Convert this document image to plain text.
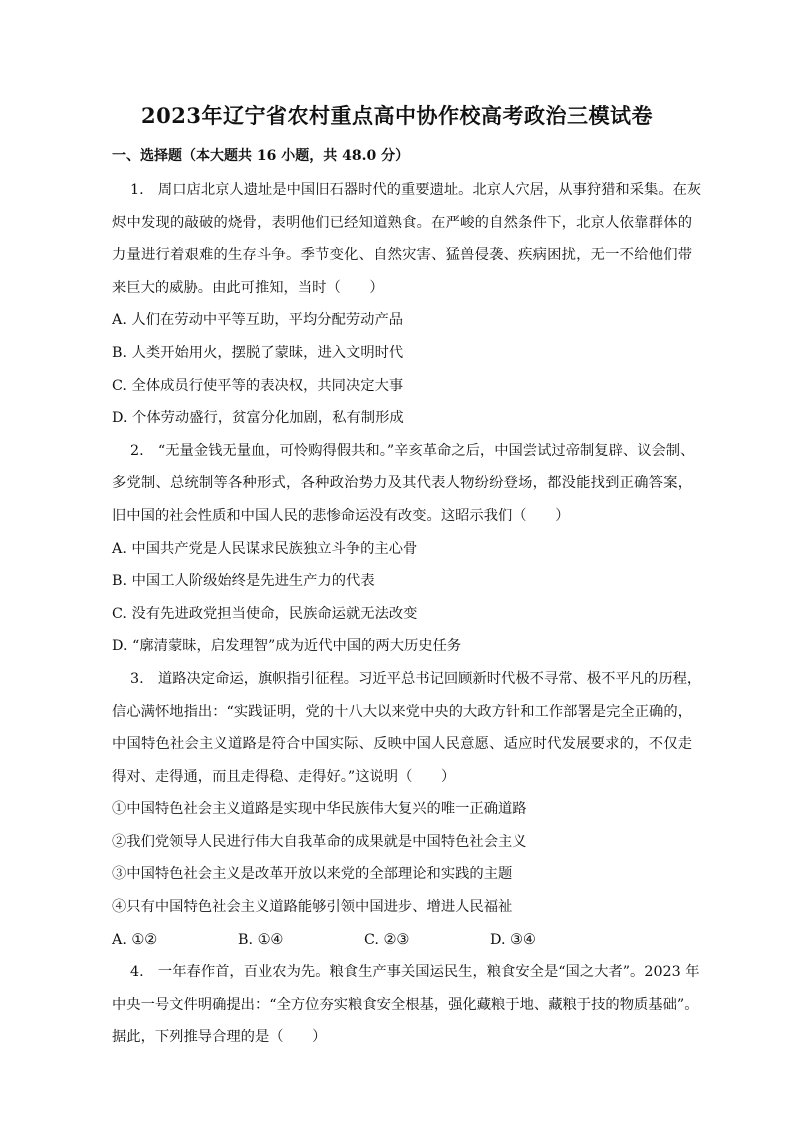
2023年辽宁省农村重点高中协作校高考政治三模试卷
一、选择题（本大题共 16 小题，共 48.0 分）
1.　周口店北京人遗址是中国旧石器时代的重要遗址。北京人穴居，从事狩猎和采集。在灰
烬中发现的敲破的烧骨，表明他们已经知道熟食。在严峻的自然条件下，北京人依靠群体的
力量进行着艰难的生存斗争。季节变化、自然灾害、猛兽侵袭、疾病困扰，无一不给他们带
来巨大的威胁。由此可推知，当时（　　）
A. 人们在劳动中平等互助，平均分配劳动产品
B. 人类开始用火，摆脱了蒙昧，进入文明时代
C. 全体成员行使平等的表决权，共同决定大事
D. 个体劳动盛行，贫富分化加剧，私有制形成
2.　“无量金钱无量血，可怜购得假共和。”辛亥革命之后，中国尝试过帝制复辟、议会制、
多党制、总统制等各种形式，各种政治势力及其代表人物纷纷登场，都没能找到正确答案，
旧中国的社会性质和中国人民的悲惨命运没有改变。这昭示我们（　　）
A. 中国共产党是人民谋求民族独立斗争的主心骨
B. 中国工人阶级始终是先进生产力的代表
C. 没有先进政党担当使命，民族命运就无法改变
D. “廓清蒙昧，启发理智”成为近代中国的两大历史任务
3.　道路决定命运，旗帜指引征程。习近平总书记回顾新时代极不寻常、极不平凡的历程，
信心满怀地指出：“实践证明，党的十八大以来党中央的大政方针和工作部署是完全正确的，
中国特色社会主义道路是符合中国实际、反映中国人民意愿、适应时代发展要求的，不仅走
得对、走得通，而且走得稳、走得好。”这说明（　　）
①中国特色社会主义道路是实现中华民族伟大复兴的唯一正确道路
②我们党领导人民进行伟大自我革命的成果就是中国特色社会主义
③中国特色社会主义是改革开放以来党的全部理论和实践的主题
④只有中国特色社会主义道路能够引领中国进步、增进人民福祉
A. ①②	B. ①④	C. ②③	D. ③④
4.　一年春作首，百业农为先。粮食生产事关国运民生，粮食安全是“国之大者”。2023 年
中央一号文件明确提出：“全方位夯实粮食安全根基，强化藏粮于地、藏粮于技的物质基础”。
据此，下列推导合理的是（　　）
